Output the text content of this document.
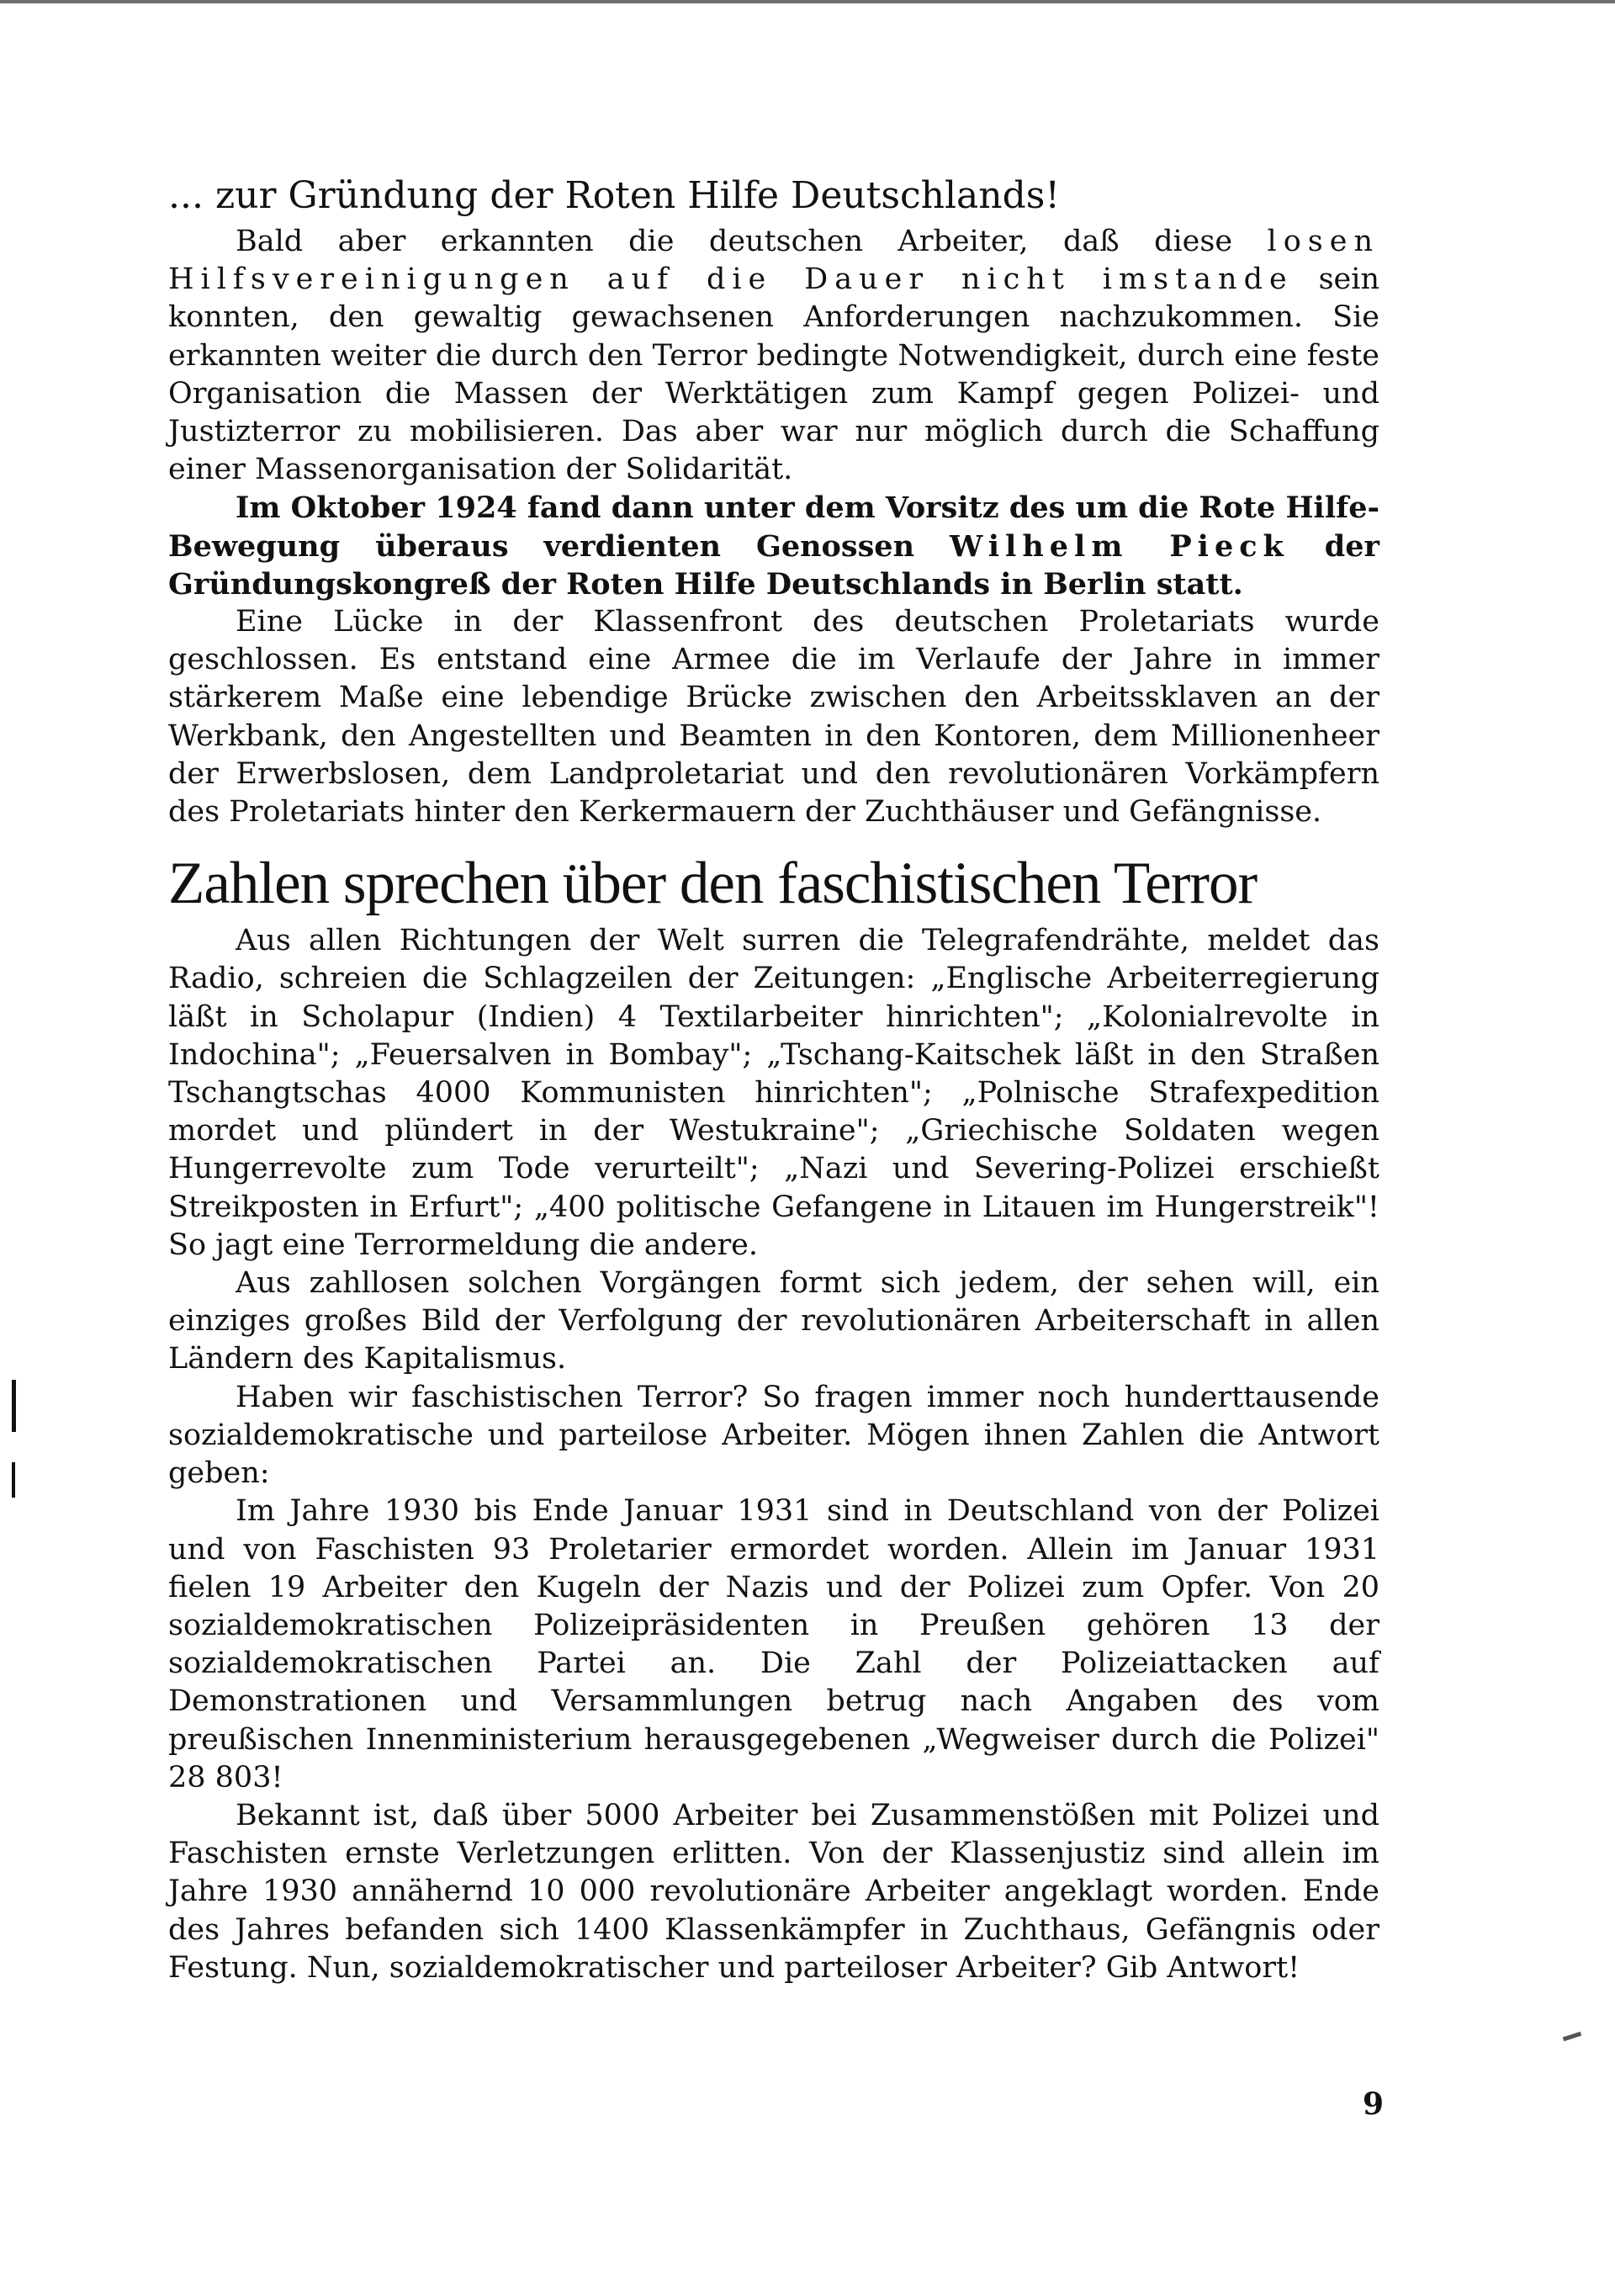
... zur Gründung der Roten Hilfe Deutschlands!

Bald aber erkannten die deutschen Arbeiter, daß diese losen Hilfsvereinigungen auf die Dauer nicht imstande sein konnten, den gewaltig gewachsenen Anforderungen nachzukommen. Sie erkannten weiter die durch den Terror bedingte Notwendigkeit, durch eine feste Organisation die Massen der Werktätigen zum Kampf gegen Polizei- und Justizterror zu mobilisieren. Das aber war nur möglich durch die Schaffung einer Massenorganisation der Solidarität.

Im Oktober 1924 fand dann unter dem Vorsitz des um die Rote Hilfe-Bewegung überaus verdienten Genossen Wilhelm Pieck der Gründungskongreß der Roten Hilfe Deutschlands in Berlin statt.

Eine Lücke in der Klassenfront des deutschen Proletariats wurde geschlossen. Es entstand eine Armee die im Verlaufe der Jahre in immer stärkerem Maße eine lebendige Brücke zwischen den Arbeitssklaven an der Werkbank, den Angestellten und Beamten in den Kontoren, dem Millionenheer der Erwerbslosen, dem Landproletariat und den revolutionären Vorkämpfern des Proletariats hinter den Kerkermauern der Zuchthäuser und Gefängnisse.

Zahlen sprechen über den faschistischen Terror

Aus allen Richtungen der Welt surren die Telegrafendrähte, meldet das Radio, schreien die Schlagzeilen der Zeitungen: „Englische Arbeiterregierung läßt in Scholapur (Indien) 4 Textilarbeiter hinrichten"; „Kolonialrevolte in Indochina"; „Feuersalven in Bombay"; „Tschang-Kaitschek läßt in den Straßen Tschangtschas 4000 Kommunisten hinrichten"; „Polnische Strafexpedition mordet und plündert in der Westukraine"; „Griechische Soldaten wegen Hungerrevolte zum Tode verurteilt"; „Nazi und Severing-Polizei erschießt Streikposten in Erfurt"; „400 politische Gefangene in Litauen im Hungerstreik"! So jagt eine Terrormeldung die andere.

Aus zahllosen solchen Vorgängen formt sich jedem, der sehen will, ein einziges großes Bild der Verfolgung der revolutionären Arbeiterschaft in allen Ländern des Kapitalismus.

Haben wir faschistischen Terror? So fragen immer noch hunderttausende sozialdemokratische und parteilose Arbeiter. Mögen ihnen Zahlen die Antwort geben:

Im Jahre 1930 bis Ende Januar 1931 sind in Deutschland von der Polizei und von Faschisten 93 Proletarier ermordet worden. Allein im Januar 1931 fielen 19 Arbeiter den Kugeln der Nazis und der Polizei zum Opfer. Von 20 sozialdemokratischen Polizeipräsidenten in Preußen gehören 13 der sozialdemokratischen Partei an. Die Zahl der Polizeiattacken auf Demonstrationen und Versammlungen betrug nach Angaben des vom preußischen Innenministerium herausgegebenen „Wegweiser durch die Polizei" 28 803!

Bekannt ist, daß über 5000 Arbeiter bei Zusammenstößen mit Polizei und Faschisten ernste Verletzungen erlitten. Von der Klassenjustiz sind allein im Jahre 1930 annähernd 10 000 revolutionäre Arbeiter angeklagt worden. Ende des Jahres befanden sich 1400 Klassenkämpfer in Zuchthaus, Gefängnis oder Festung. Nun, sozialdemokratischer und parteiloser Arbeiter? Gib Antwort!

9
